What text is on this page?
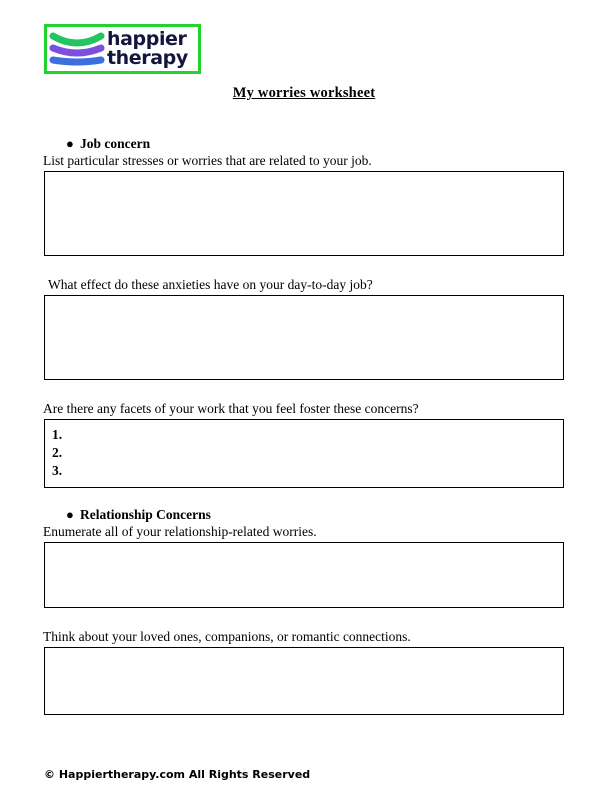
happier
therapy
My worries worksheet
● Job concern
List particular stresses or worries that are related to your job.
What effect do these anxieties have on your day-to-day job?
Are there any facets of your work that you feel foster these concerns?
1.
2.
3.
● Relationship Concerns
Enumerate all of your relationship-related worries.
Think about your loved ones, companions, or romantic connections.
© Happiertherapy.com All Rights Reserved
